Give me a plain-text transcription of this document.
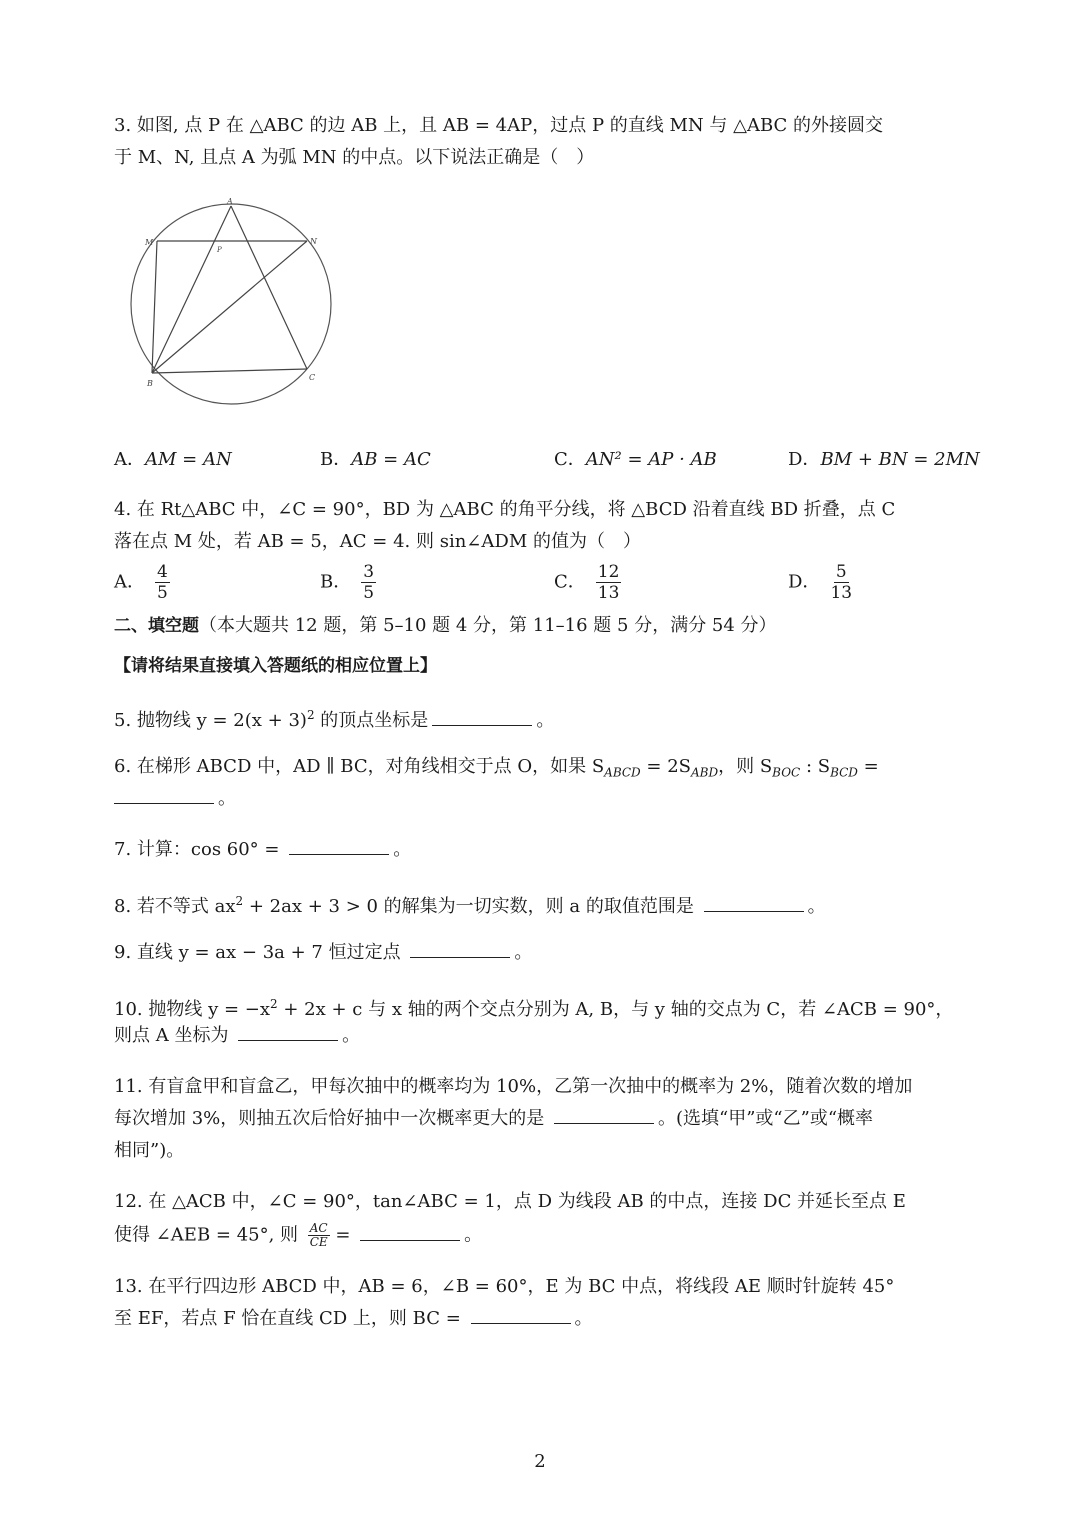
3. 如图, 点 P 在 △ABC 的边 AB 上，且 AB = 4AP，过点 P 的直线 MN 与 △ABC 的外接圆交
于 M、N, 且点 A 为弧 MN 的中点。以下说法正确是（　）
A
M	N
P
B
C
A．AM = AN	B．AB = AC	C．AN² = AP · AB	D．BM + BN = 2MN
4. 在 Rt△ABC 中，∠C = 90°，BD 为 △ABC 的角平分线，将 △BCD 沿着直线 BD 折叠，点 C
落在点 M 处，若 AB = 5，AC = 4. 则 sin∠ADM 的值为（　）
A． $\frac{4}{5}$	B． $\frac{3}{5}$	C． $\frac{12}{13}$	D． $\frac{5}{13}$
二、填空题（本大题共 12 题，第 5–10 题 4 分，第 11–16 题 5 分，满分 54 分）
【请将结果直接填入答题纸的相应位置上】
5. 抛物线 $y = 2(x + 3)^2$ 的顶点坐标是	。
6. 在梯形 ABCD 中，AD ∥ BC，对角线相交于点 O，如果 $S_{ABCD} = 2S_{ABD}$，则 $S_{BOC}$ : $S_{BCD}$ =
。
7. 计算：cos 60° =	。
8. 若不等式 $ax^2 + 2ax + 3 > 0$ 的解集为一切实数，则 a 的取值范围是	。
9. 直线 y = ax − 3a + 7 恒过定点	。
10. 抛物线 $y = -x^2 + 2x + c$ 与 x 轴的两个交点分别为 A, B，与 y 轴的交点为 C，若 ∠ACB = 90°，
则点 A 坐标为	。
11. 有盲盒甲和盲盒乙，甲每次抽中的概率均为 10%，乙第一次抽中的概率为 2%，随着次数的增加
每次增加 3%，则抽五次后恰好抽中一次概率更大的是	。(选填“甲”或“乙”或“概率
相同”)。
12. 在 △ACB 中，∠C = 90°，tan∠ABC = 1，点 D 为线段 AB 的中点，连接 DC 并延长至点 E
使得 ∠AEB = 45°, 则 $\frac{AC}{CE}$ =	。
13. 在平行四边形 ABCD 中，AB = 6，∠B = 60°，E 为 BC 中点，将线段 AE 顺时针旋转 45°
至 EF，若点 F 恰在直线 CD 上，则 BC =	。
2
